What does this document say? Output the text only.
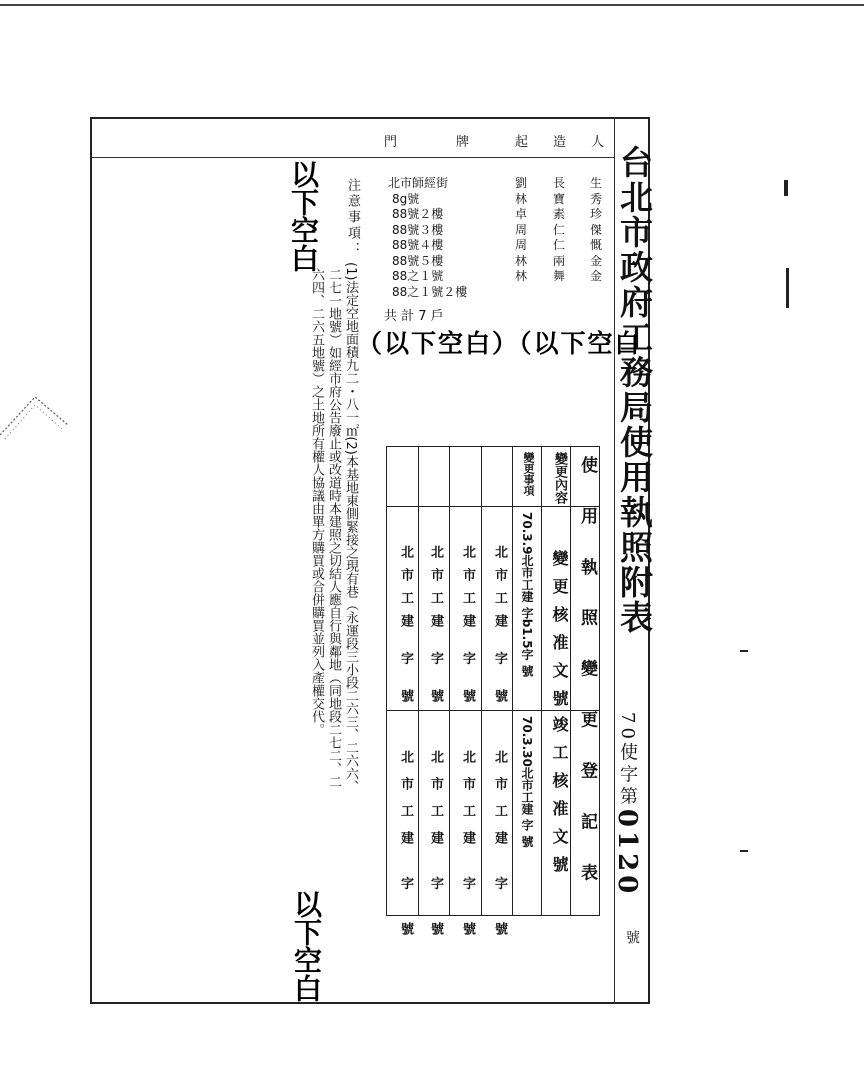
台北市政府工務局使用執照附表
門	牌	起 造 人
北市師經街
8g號
88號２樓
88號３樓
88號４樓
88號５樓
88之１號
88之１號２樓
共 計 7 戶
劉
林
卓
周
周
林
林
長
寶
素
仁
仁
兩
舞
生
秀
珍
傑
慨
金
金
注意事項：
(1)法定空地面積九二・八一㎡(2)本基地東側緊接之現有巷（永運段三小段二六三、二六六、
二七一地號）如經市府公告廢止或改道時本建照之切結人應自行與鄰地（同地段二七二、二
六四、二六五地號）之土地所有權人協議由單方購買或合併購買並列入產權交代。
以下空白
（以下空白）（以下空白
以下空白
70使字第0120
號
使 用 執 照 變 更 登 記 表
變更內容
變更事項
變更核准文號
竣工核准文號
70.3.9北市工建 字b1.5字 號
70.3.30北市工建 字 號
北市工建 字 號
北市工建 字 號
北市工建 字 號
北市工建 字 號
北市工建 字 號
北市工建 字 號
北市工建 字 號
北市工建 字 號
